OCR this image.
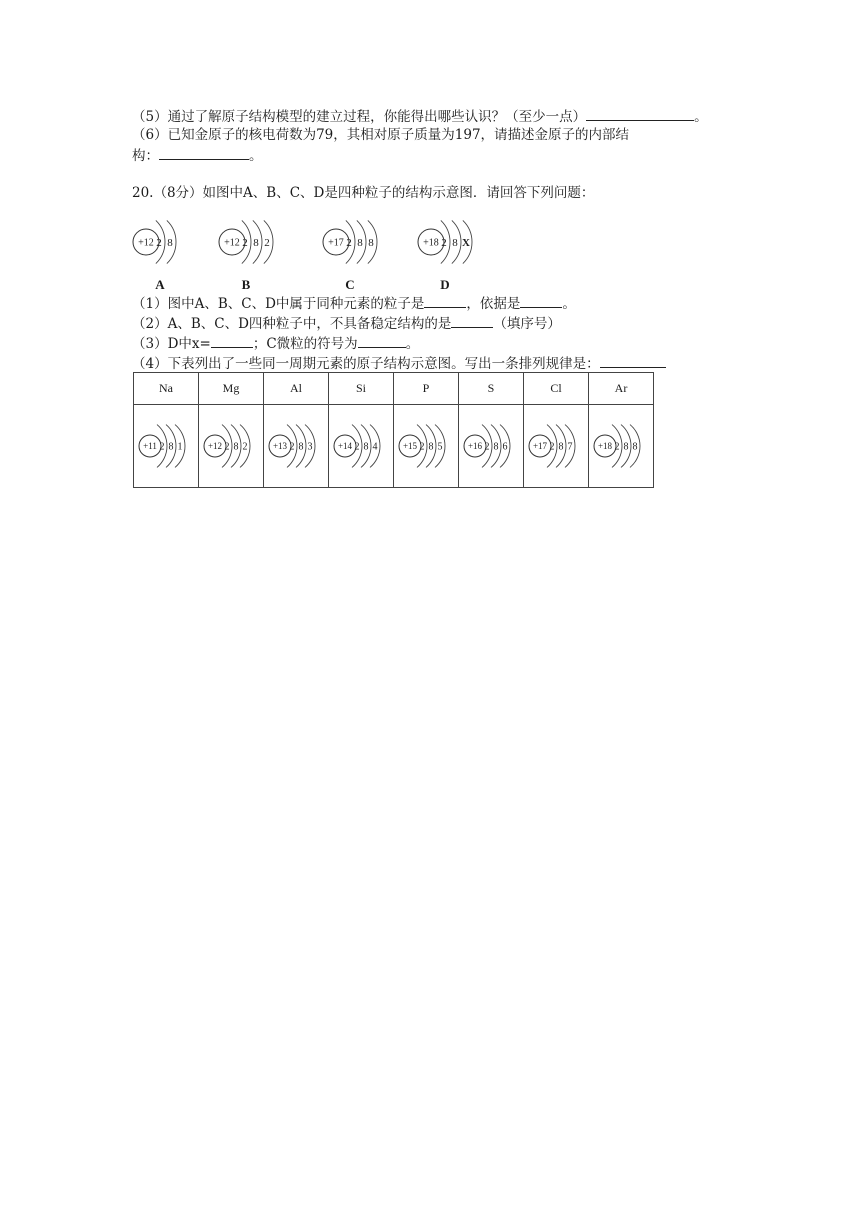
（5）通过了解原子结构模型的建立过程，你能得出哪些认识？（至少一点）	。
（6）已知金原子的核电荷数为79，其相对原子质量为197，请描述金原子的内部结
构：	。
20.（8分）如图中A、B、C、D是四种粒子的结构示意图．请回答下列问题：
+12 2 8
A
+12 2 8 2
B
+17 2 8 8
C
+18 2 8 X
D
（1）图中A、B、C、D中属于同种元素的粒子是	，依据是	。
（2）A、B、C、D四种粒子中，不具备稳定结构的是	（填序号）
（3）D中x=	；C微粒的符号为	。
（4）下表列出了一些同一周期元素的原子结构示意图。写出一条排列规律是：
Na	Mg	Al	Si	P	S	Cl	Ar

+11 2 8 1	+12 2 8 2	+13 2 8 3	+14 2 8 4	+15 2 8 5	+16 2 8 6	+17 2 8 7	+18 2 8 8
